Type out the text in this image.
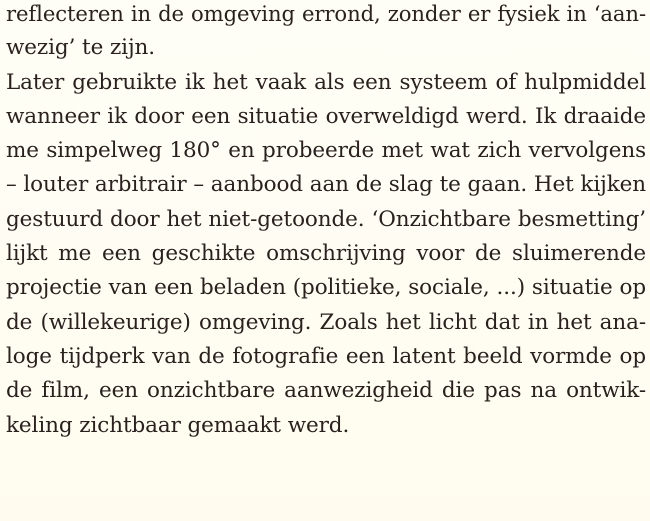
reflecteren in de omgeving errond, zonder er fysiek in ‘aan-
wezig’ te zijn.
Later gebruikte ik het vaak als een systeem of hulpmiddel
wanneer ik door een situatie overweldigd werd. Ik draaide
me simpelweg 180° en probeerde met wat zich vervolgens
– louter arbitrair – aanbood aan de slag te gaan. Het kijken
gestuurd door het niet-getoonde. ‘Onzichtbare besmetting’
lijkt me een geschikte omschrijving voor de sluimerende
projectie van een beladen (politieke, sociale, ...) situatie op
de (willekeurige) omgeving. Zoals het licht dat in het ana-
loge tijdperk van de fotografie een latent beeld vormde op
de film, een onzichtbare aanwezigheid die pas na ontwik-
keling zichtbaar gemaakt werd.
